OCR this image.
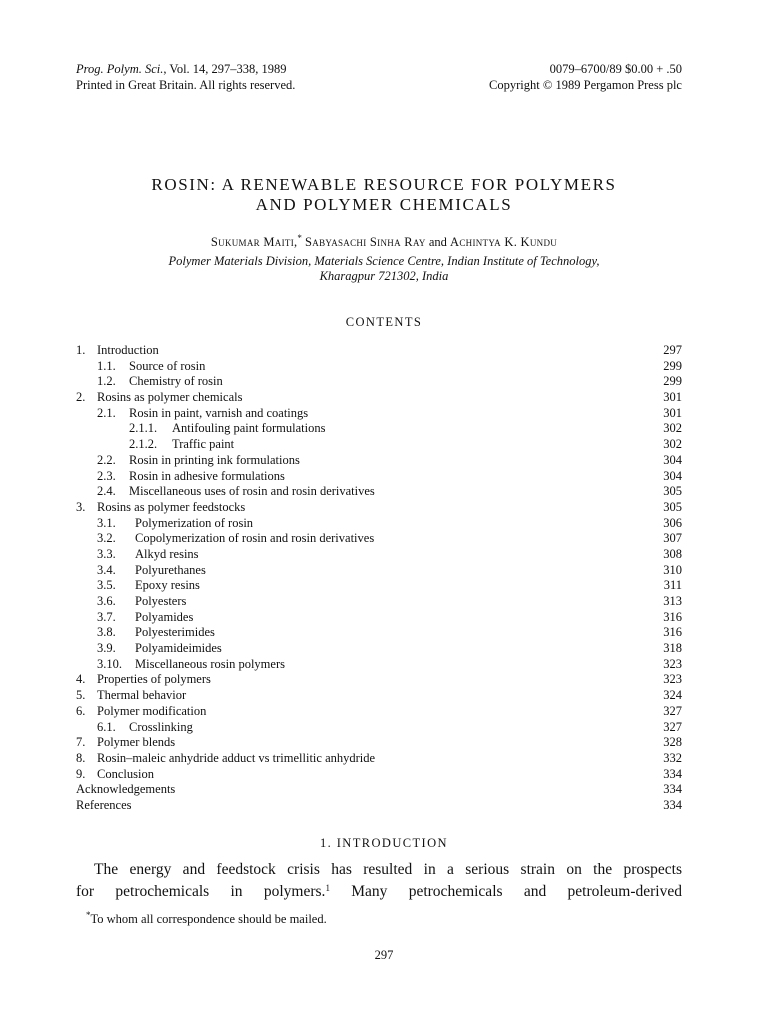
Prog. Polym. Sci., Vol. 14, 297–338, 1989
Printed in Great Britain. All rights reserved.
0079–6700/89 $0.00 + .50
Copyright © 1989 Pergamon Press plc
ROSIN: A RENEWABLE RESOURCE FOR POLYMERS
AND POLYMER CHEMICALS
Sukumar Maiti,* Sabyasachi Sinha Ray and Achintya K. Kundu
Polymer Materials Division, Materials Science Centre, Indian Institute of Technology,
Kharagpur 721302, India
CONTENTS
1. Introduction	297
1.1. Source of rosin	299
1.2. Chemistry of rosin	299
2. Rosins as polymer chemicals	301
2.1. Rosin in paint, varnish and coatings	301
2.1.1. Antifouling paint formulations	302
2.1.2. Traffic paint	302
2.2. Rosin in printing ink formulations	304
2.3. Rosin in adhesive formulations	304
2.4. Miscellaneous uses of rosin and rosin derivatives	305
3. Rosins as polymer feedstocks	305
3.1. Polymerization of rosin	306
3.2. Copolymerization of rosin and rosin derivatives	307
3.3. Alkyd resins	308
3.4. Polyurethanes	310
3.5. Epoxy resins	311
3.6. Polyesters	313
3.7. Polyamides	316
3.8. Polyesterimides	316
3.9. Polyamideimides	318
3.10. Miscellaneous rosin polymers	323
4. Properties of polymers	323
5. Thermal behavior	324
6. Polymer modification	327
6.1. Crosslinking	327
7. Polymer blends	328
8. Rosin–maleic anhydride adduct vs trimellitic anhydride	332
9. Conclusion	334
Acknowledgements	334
References	334
1. INTRODUCTION
The energy and feedstock crisis has resulted in a serious strain on the prospects
for petrochemicals in polymers.$^1$ Many petrochemicals and petroleum-derived
*To whom all correspondence should be mailed.
297
